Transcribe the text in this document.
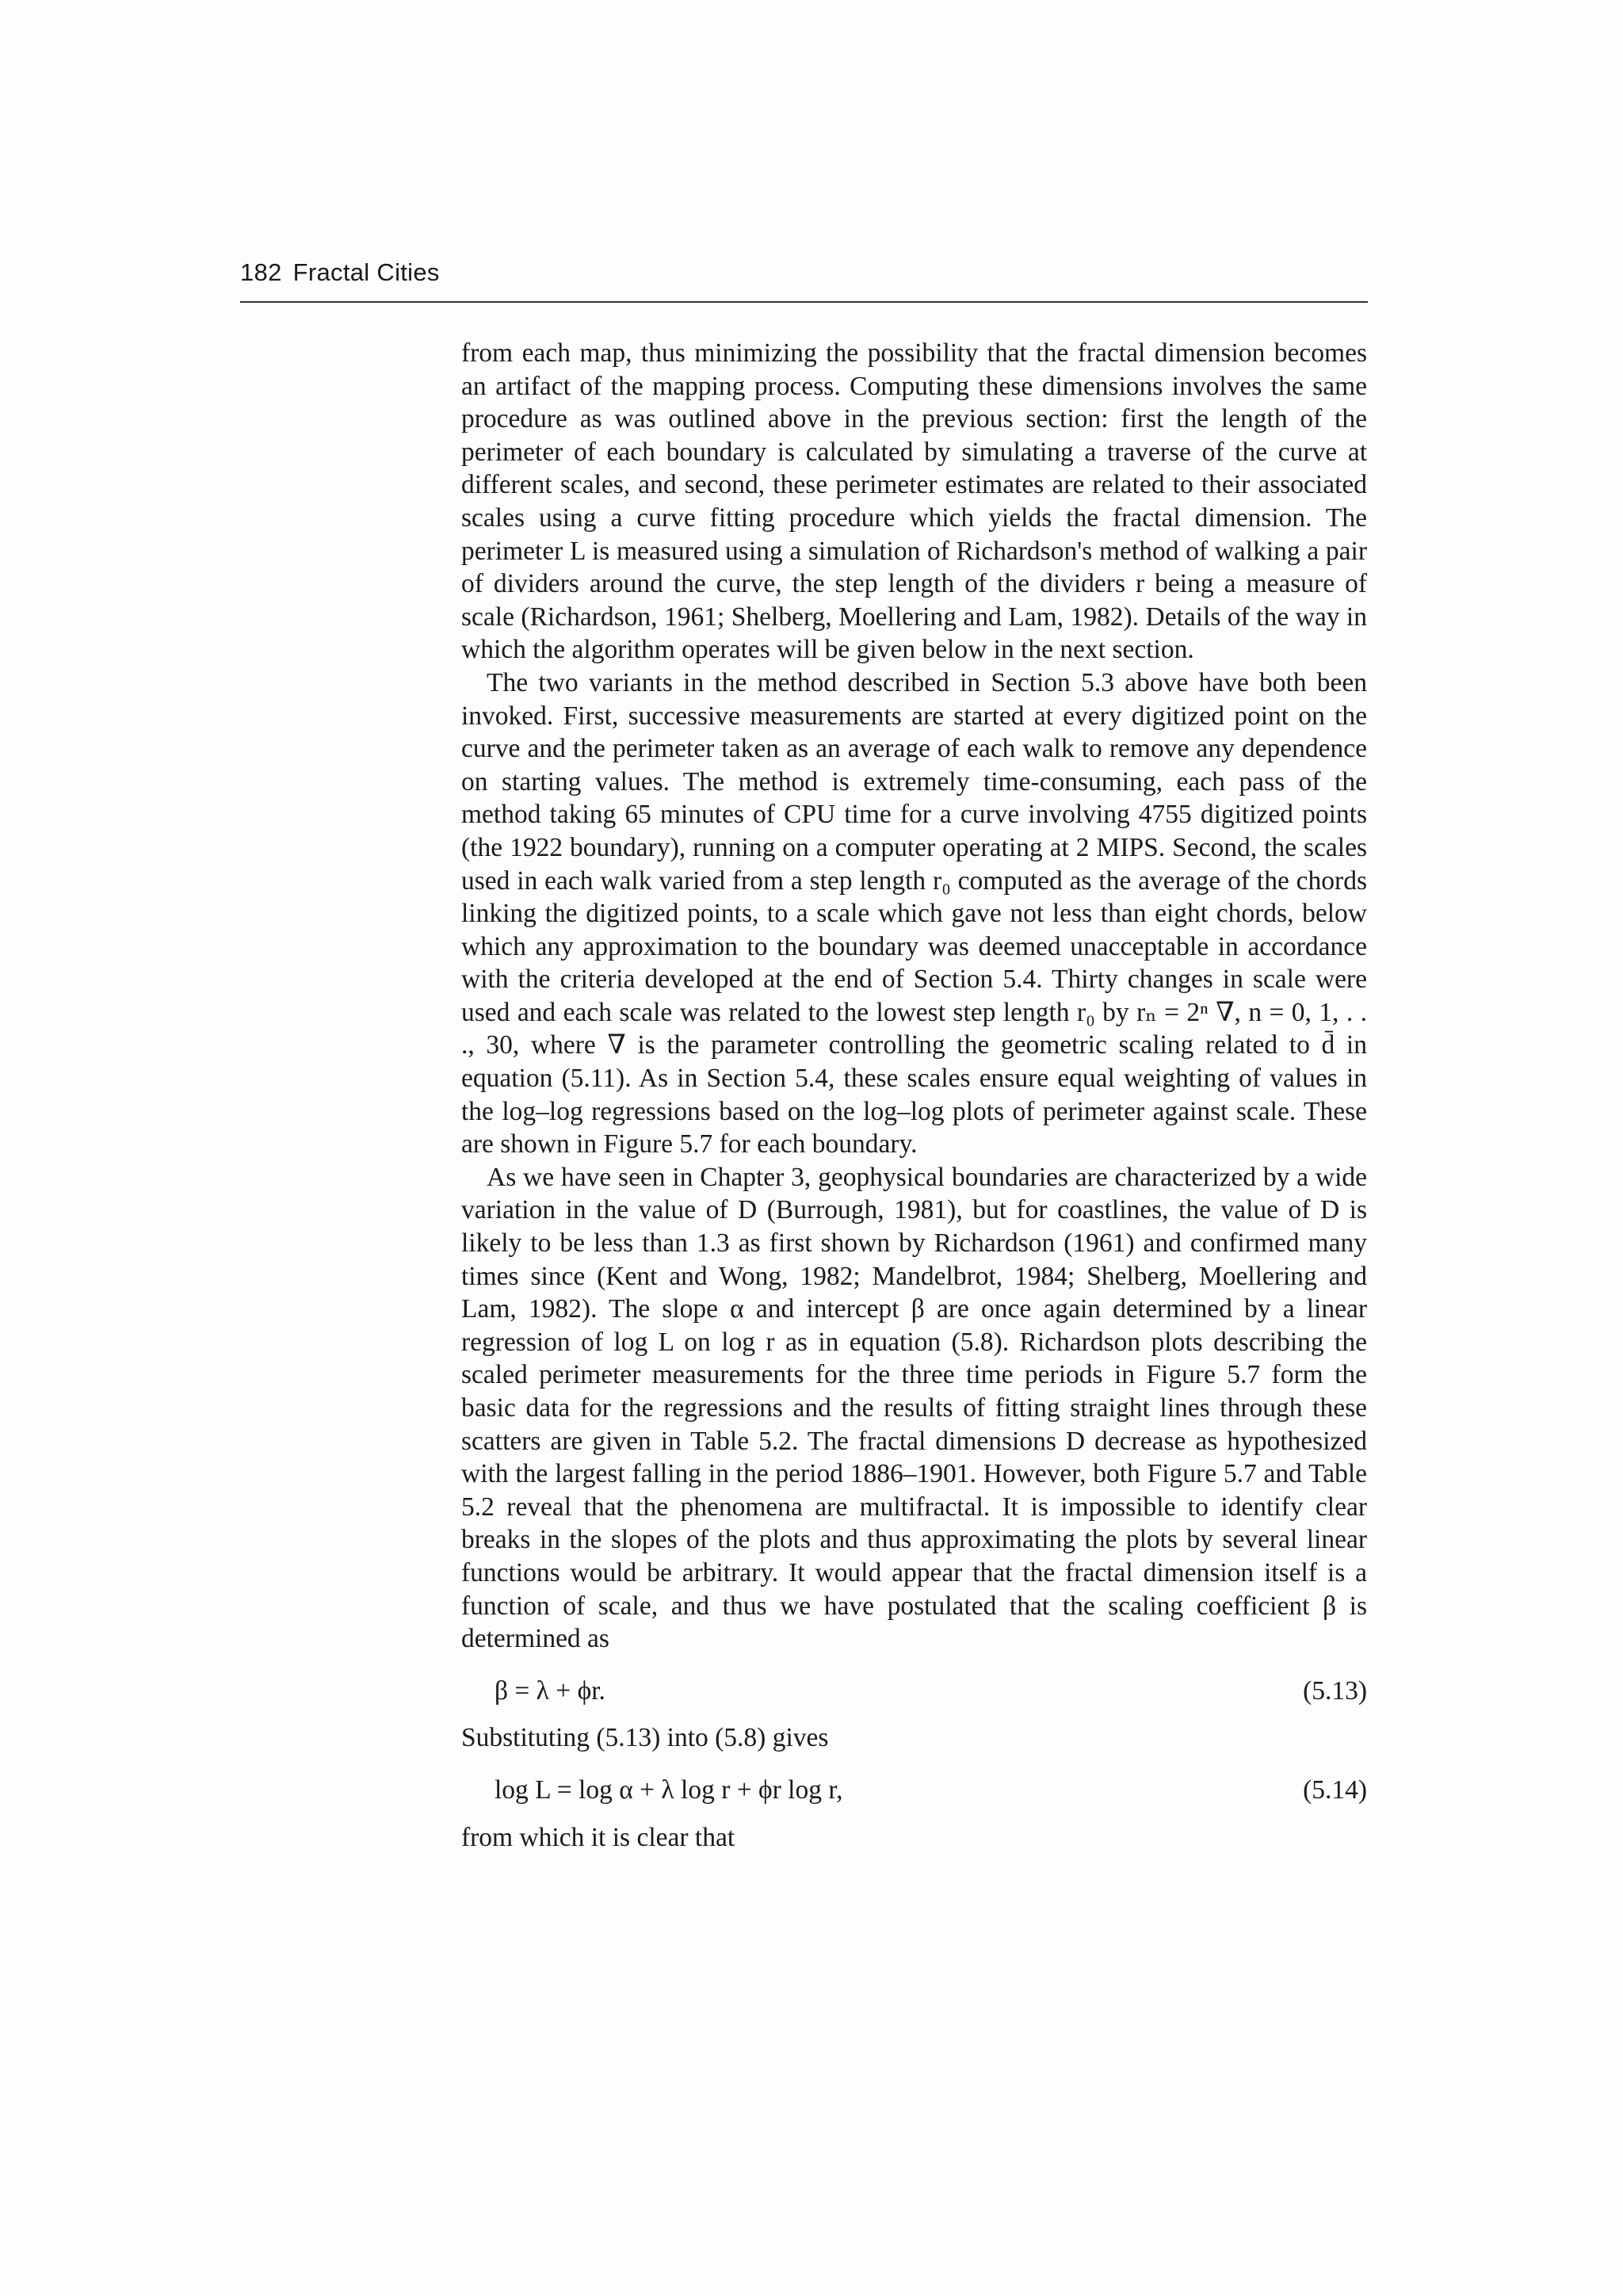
182 Fractal Cities

from each map, thus minimizing the possibility that the fractal dimension becomes an artifact of the mapping process. Computing these dimensions involves the same procedure as was outlined above in the previous section: first the length of the perimeter of each boundary is calculated by simulating a traverse of the curve at different scales, and second, these perimeter estimates are related to their associated scales using a curve fitting procedure which yields the fractal dimension. The perimeter L is measured using a simulation of Richardson's method of walking a pair of dividers around the curve, the step length of the dividers r being a measure of scale (Richardson, 1961; Shelberg, Moellering and Lam, 1982). Details of the way in which the algorithm operates will be given below in the next section.

The two variants in the method described in Section 5.3 above have both been invoked. First, successive measurements are started at every digitized point on the curve and the perimeter taken as an average of each walk to remove any dependence on starting values. The method is extremely time-consuming, each pass of the method taking 65 minutes of CPU time for a curve involving 4755 digitized points (the 1922 boundary), running on a computer operating at 2 MIPS. Second, the scales used in each walk varied from a step length r₀ computed as the average of the chords linking the digitized points, to a scale which gave not less than eight chords, below which any approximation to the boundary was deemed unacceptable in accordance with the criteria developed at the end of Section 5.4. Thirty changes in scale were used and each scale was related to the lowest step length r₀ by rₙ = 2ⁿ ∇, n = 0, 1, . . ., 30, where ∇ is the parameter controlling the geometric scaling related to d̄ in equation (5.11). As in Section 5.4, these scales ensure equal weighting of values in the log–log regressions based on the log–log plots of perimeter against scale. These are shown in Figure 5.7 for each boundary.

As we have seen in Chapter 3, geophysical boundaries are characterized by a wide variation in the value of D (Burrough, 1981), but for coastlines, the value of D is likely to be less than 1.3 as first shown by Richardson (1961) and confirmed many times since (Kent and Wong, 1982; Mandelbrot, 1984; Shelberg, Moellering and Lam, 1982). The slope α and intercept β are once again determined by a linear regression of log L on log r as in equation (5.8). Richardson plots describing the scaled perimeter measurements for the three time periods in Figure 5.7 form the basic data for the regressions and the results of fitting straight lines through these scatters are given in Table 5.2. The fractal dimensions D decrease as hypothesized with the largest falling in the period 1886–1901. However, both Figure 5.7 and Table 5.2 reveal that the phenomena are multifractal. It is impossible to identify clear breaks in the slopes of the plots and thus approximating the plots by several linear functions would be arbitrary. It would appear that the fractal dimension itself is a function of scale, and thus we have postulated that the scaling coefficient β is determined as

β = λ + ϕr.	(5.13)

Substituting (5.13) into (5.8) gives

log L = log α + λ log r + ϕr log r,	(5.14)

from which it is clear that
